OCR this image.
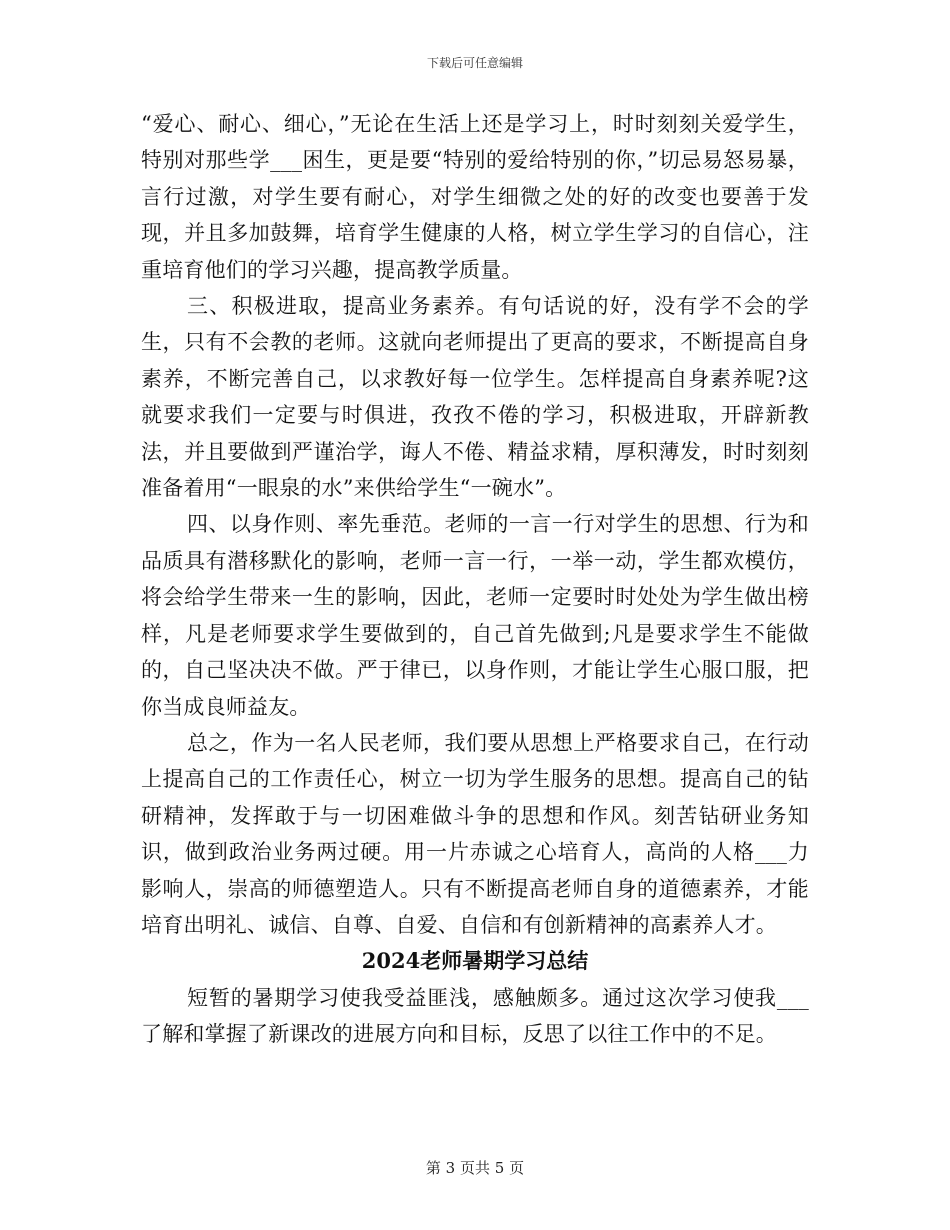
下载后可任意编辑

“爱心、耐心、细心，”无论在生活上还是学习上，时时刻刻关爱学生，特别对那些学___困生，更是要“特别的爱给特别的你，”切忌易怒易暴，言行过激，对学生要有耐心，对学生细微之处的好的改变也要善于发现，并且多加鼓舞，培育学生健康的人格，树立学生学习的自信心，注重培育他们的学习兴趣，提高教学质量。

三、积极进取，提高业务素养。有句话说的好，没有学不会的学生，只有不会教的老师。这就向老师提出了更高的要求，不断提高自身素养，不断完善自己，以求教好每一位学生。怎样提高自身素养呢?这就要求我们一定要与时俱进，孜孜不倦的学习，积极进取，开辟新教法，并且要做到严谨治学，诲人不倦、精益求精，厚积薄发，时时刻刻准备着用“一眼泉的水”来供给学生“一碗水”。

四、以身作则、率先垂范。老师的一言一行对学生的思想、行为和品质具有潜移默化的影响，老师一言一行，一举一动，学生都欢模仿，将会给学生带来一生的影响，因此，老师一定要时时处处为学生做出榜样，凡是老师要求学生要做到的，自己首先做到;凡是要求学生不能做的，自己坚决决不做。严于律已，以身作则，才能让学生心服口服，把你当成良师益友。

总之，作为一名人民老师，我们要从思想上严格要求自己，在行动上提高自己的工作责任心，树立一切为学生服务的思想。提高自己的钻研精神，发挥敢于与一切困难做斗争的思想和作风。刻苦钻研业务知识，做到政治业务两过硬。用一片赤诚之心培育人，高尚的人格___力影响人，崇高的师德塑造人。只有不断提高老师自身的道德素养，才能培育出明礼、诚信、自尊、自爱、自信和有创新精神的高素养人才。

2024老师暑期学习总结

短暂的暑期学习使我受益匪浅，感触颇多。通过这次学习使我___了解和掌握了新课改的进展方向和目标，反思了以往工作中的不足。

第 3 页共 5 页
